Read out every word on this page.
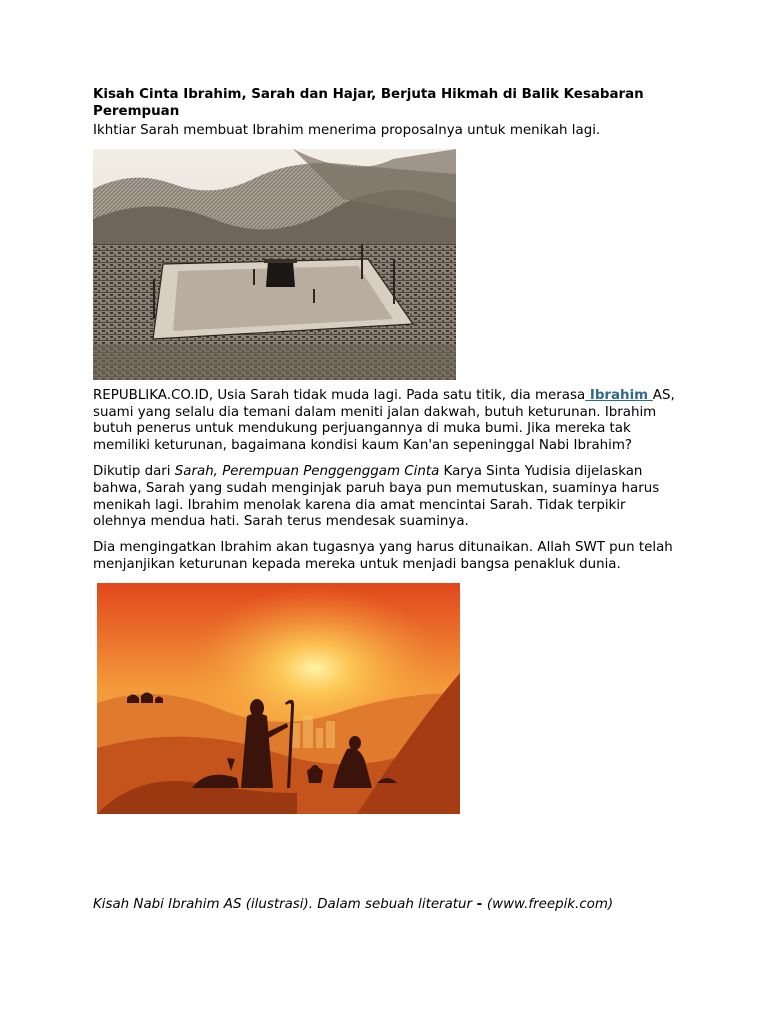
Kisah Cinta Ibrahim, Sarah dan Hajar, Berjuta Hikmah di Balik Kesabaran Perempuan

Ikhtiar Sarah membuat Ibrahim menerima proposalnya untuk menikah lagi.

REPUBLIKA.CO.ID, Usia Sarah tidak muda lagi. Pada satu titik, dia merasa Ibrahim AS, suami yang selalu dia temani dalam meniti jalan dakwah, butuh keturunan. Ibrahim butuh penerus untuk mendukung perjuangannya di muka bumi. Jika mereka tak memiliki keturunan, bagaimana kondisi kaum Kan'an sepeninggal Nabi Ibrahim?

Dikutip dari Sarah, Perempuan Penggenggam Cinta Karya Sinta Yudisia dijelaskan bahwa, Sarah yang sudah menginjak paruh baya pun memutuskan, suaminya harus menikah lagi. Ibrahim menolak karena dia amat mencintai Sarah. Tidak terpikir olehnya mendua hati. Sarah terus mendesak suaminya.

Dia mengingatkan Ibrahim akan tugasnya yang harus ditunaikan. Allah SWT pun telah menjanjikan keturunan kepada mereka untuk menjadi bangsa penakluk dunia.

Kisah Nabi Ibrahim AS (ilustrasi). Dalam sebuah literatur - (www.freepik.com)
